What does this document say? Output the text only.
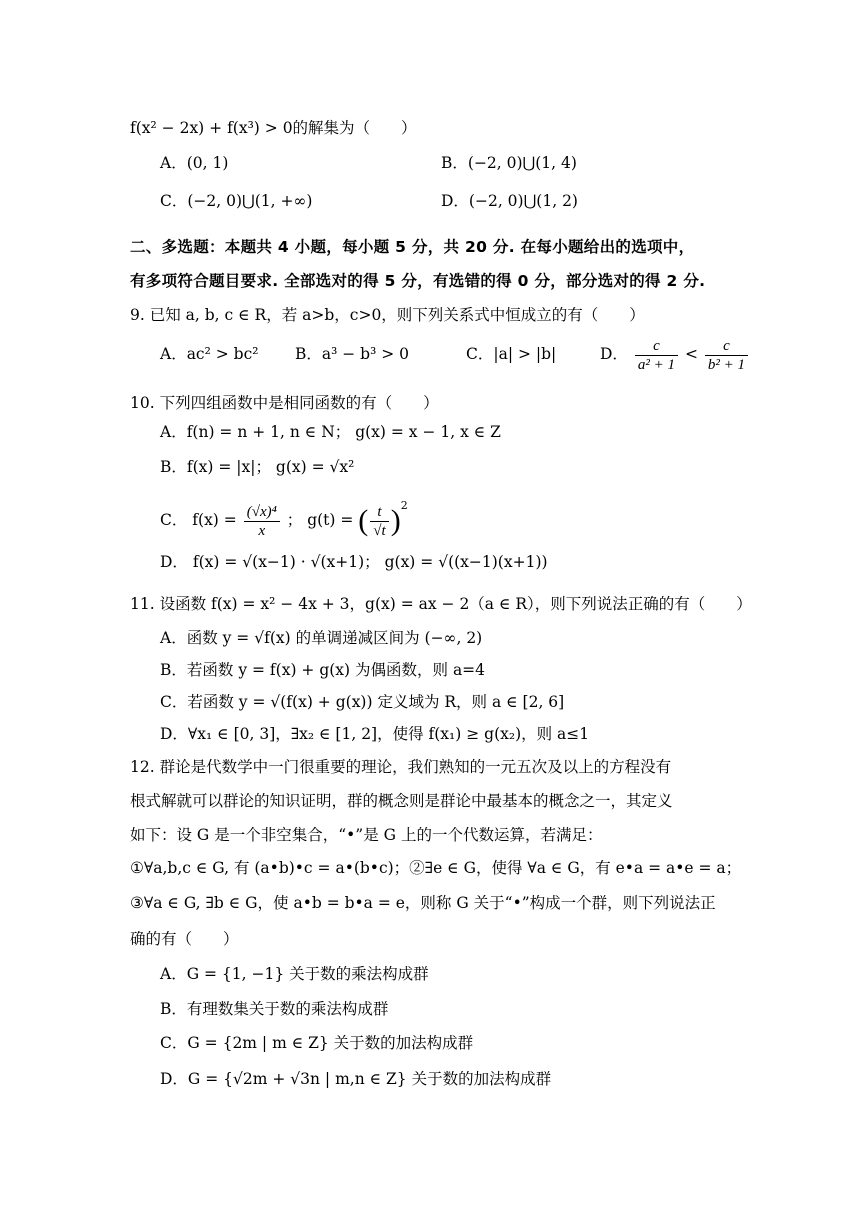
f(x² − 2x) + f(x³) > 0的解集为（　　）
A．(0, 1)	B．(−2, 0)⋃(1, 4)
C．(−2, 0)⋃(1, +∞)	D．(−2, 0)⋃(1, 2)
二、多选题：本题共 4 小题，每小题 5 分，共 20 分. 在每小题给出的选项中，
有多项符合题目要求. 全部选对的得 5 分，有选错的得 0 分，部分选对的得 2 分.
9. 已知 a, b, c ∈ R，若 a>b，c>0，则下列关系式中恒成立的有（　　）
A．ac² > bc² B．a³ − b³ > 0	C．|a| > |b|	D． $\frac{c}{\text{a² + 1}} < \frac{c}{\text{b² + 1}}$
10. 下列四组函数中是相同函数的有（　　）
A．f(n) = n + 1, n ∈ N； g(x) = x − 1, x ∈ Z
B．f(x) = |x|； g(x) = √x²
C． $f(x) = \frac{\text{(√x)⁴}}{x}$ ； g(t) = ( $\frac{t}{√t} )^2$
D． f(x) = √(x−1) · √(x+1)； g(x) = √((x−1)(x+1))
11. 设函数 f(x) = x² − 4x + 3，g(x) = ax − 2（a ∈ R），则下列说法正确的有（　　）
A．函数 y = √f(x) 的单调递减区间为 (−∞, 2)
B．若函数 y = f(x) + g(x) 为偶函数，则 a=4
C．若函数 y = √(f(x) + g(x)) 定义域为 R，则 a ∈ [2, 6]
D．∀x₁ ∈ [0, 3]，∃x₂ ∈ [1, 2]，使得 f(x₁) ≥ g(x₂)，则 a≤1
12. 群论是代数学中一门很重要的理论，我们熟知的一元五次及以上的方程没有
根式解就可以群论的知识证明，群的概念则是群论中最基本的概念之一，其定义
如下：设 G 是一个非空集合，“•”是 G 上的一个代数运算，若满足：
①∀a,b,c ∈ G, 有 (a•b)•c = a•(b•c)；②∃e ∈ G，使得 ∀a ∈ G，有 e•a = a•e = a；
③∀a ∈ G, ∃b ∈ G，使 a•b = b•a = e，则称 G 关于“•”构成一个群，则下列说法正
确的有（　　）
A．G = {1, −1} 关于数的乘法构成群
B．有理数集关于数的乘法构成群
C．G = {2m | m ∈ Z} 关于数的加法构成群
D．G = {√2m + √3n | m,n ∈ Z} 关于数的加法构成群
